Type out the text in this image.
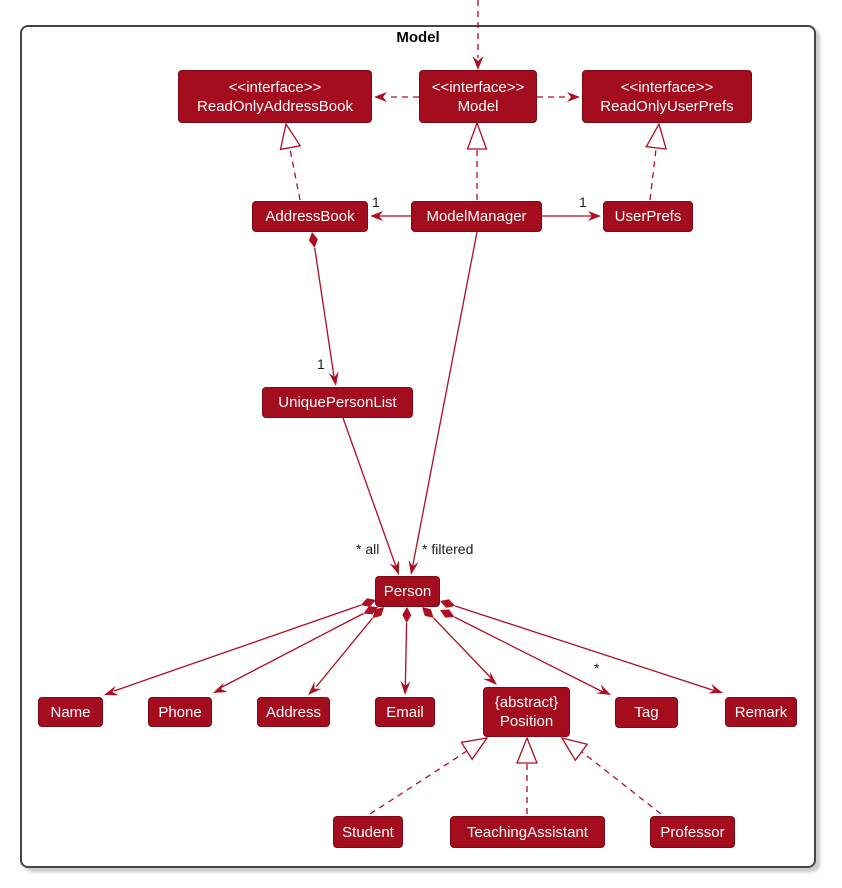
Model
<<interface>>
ReadOnlyAddressBook
<<interface>>
Model
<<interface>>
ReadOnlyUserPrefs
AddressBook	ModelManager	UserPrefs
UniquePersonList
Person
Name	Phone	Address	Email
{abstract}
Position
Tag	Remark
Student	TeachingAssistant	Professor
1	1
1
* all	* filtered
*
